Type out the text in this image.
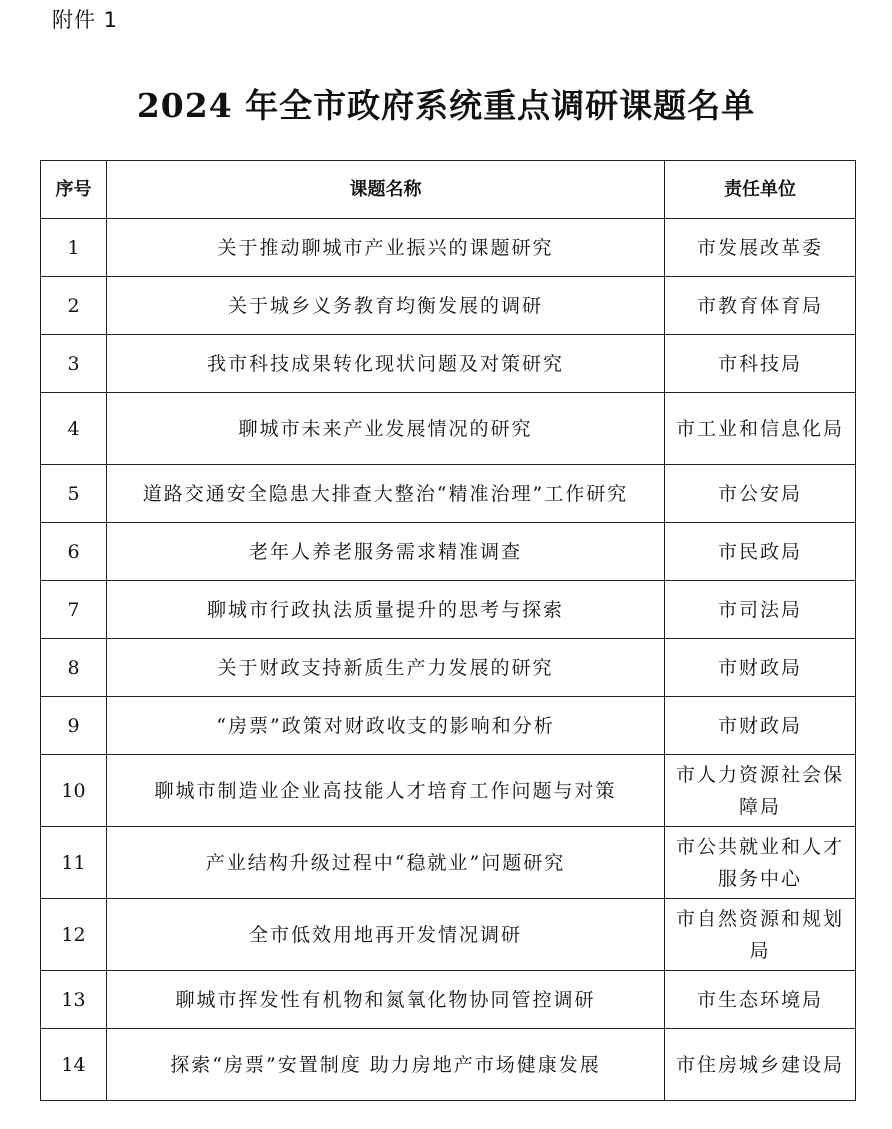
附件 1
2024 年全市政府系统重点调研课题名单
序号	课题名称	责任单位
1	关于推动聊城市产业振兴的课题研究	市发展改革委
2	关于城乡义务教育均衡发展的调研	市教育体育局
3	我市科技成果转化现状问题及对策研究	市科技局
4	聊城市未来产业发展情况的研究	市工业和信息化局
5	道路交通安全隐患大排查大整治“精准治理”工作研究	市公安局
6	老年人养老服务需求精准调查	市民政局
7	聊城市行政执法质量提升的思考与探索	市司法局
8	关于财政支持新质生产力发展的研究	市财政局
9	“房票”政策对财政收支的影响和分析	市财政局
10	聊城市制造业企业高技能人才培育工作问题与对策	市人力资源社会保障局
11	产业结构升级过程中“稳就业”问题研究	市公共就业和人才服务中心
12	全市低效用地再开发情况调研	市自然资源和规划局
13	聊城市挥发性有机物和氮氧化物协同管控调研	市生态环境局
14	探索“房票”安置制度 助力房地产市场健康发展	市住房城乡建设局
